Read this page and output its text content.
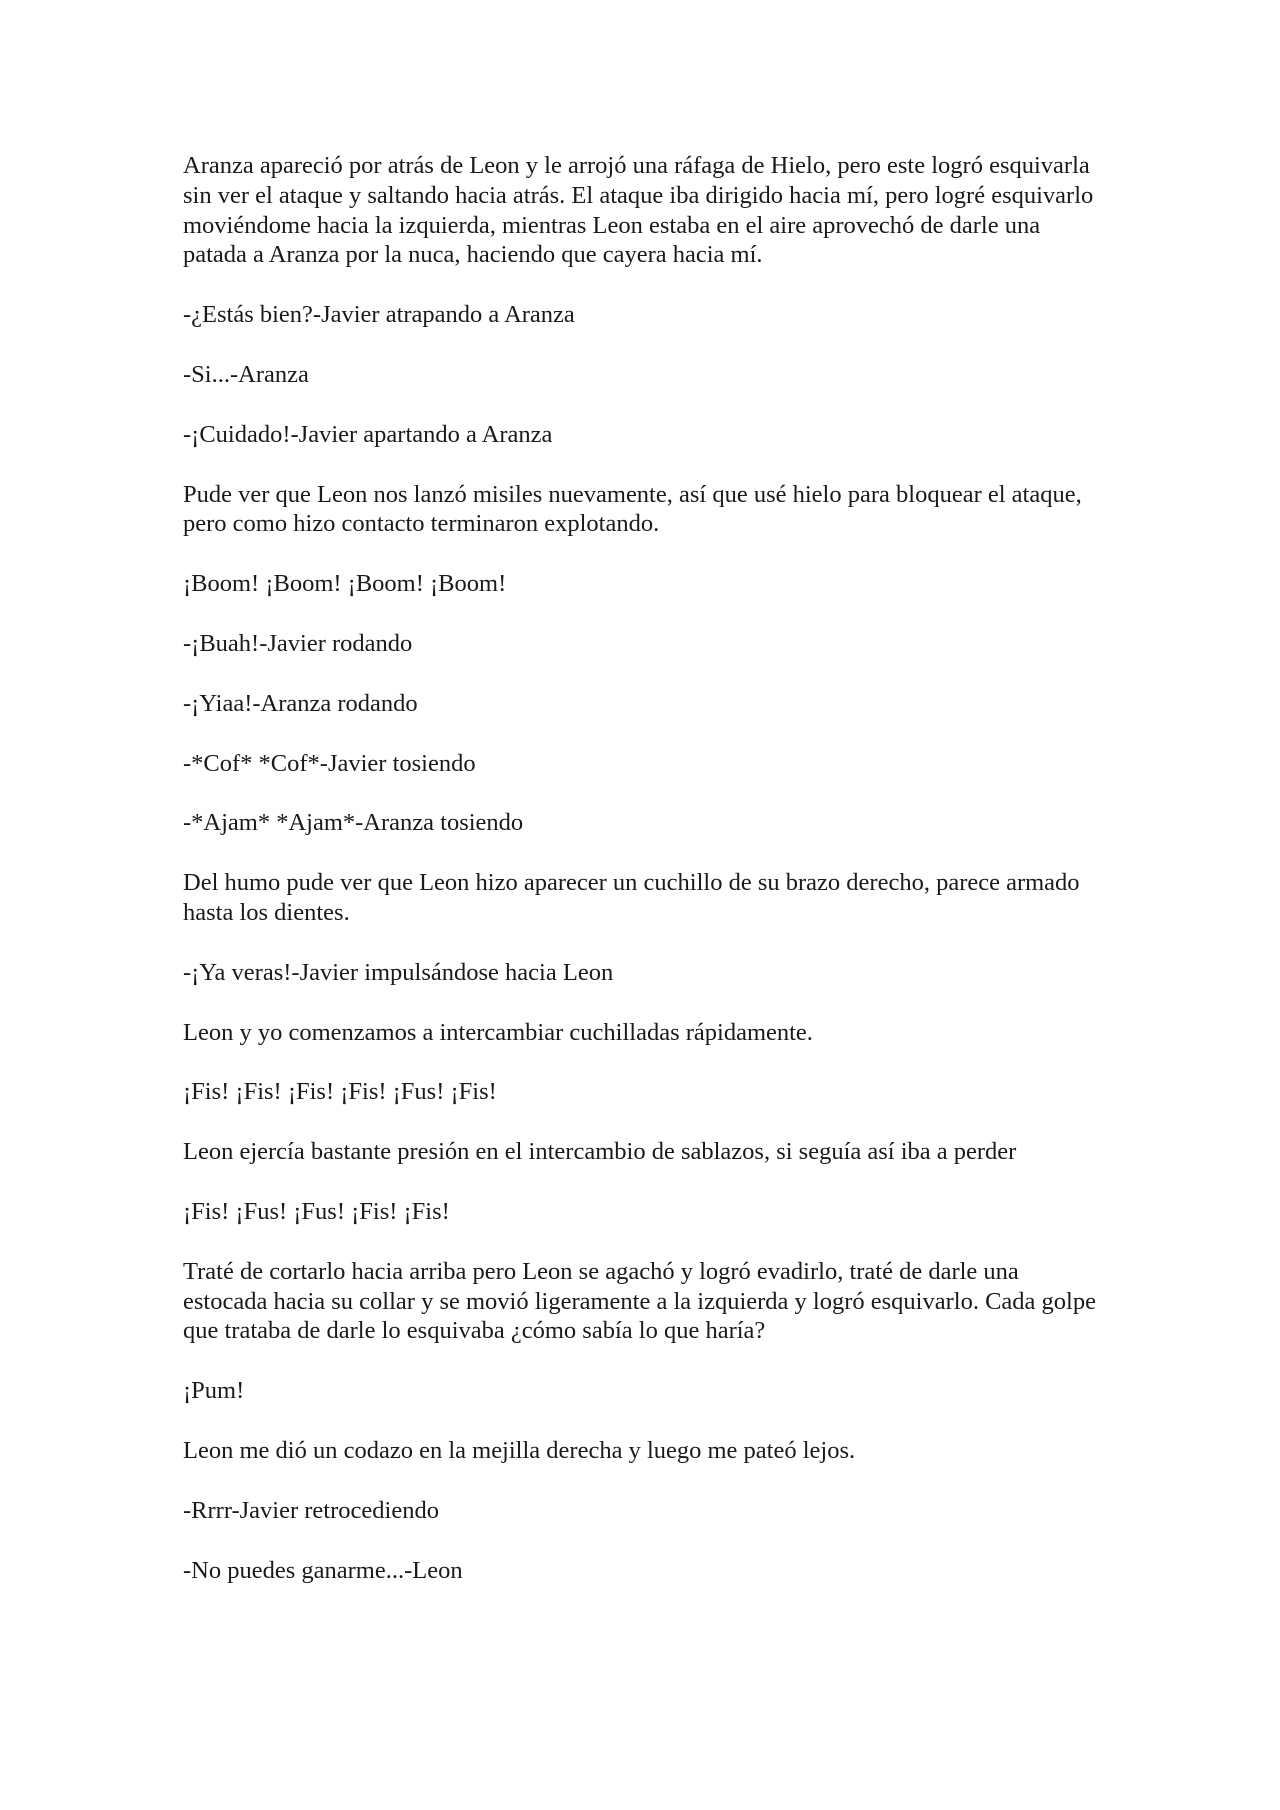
Aranza apareció por atrás de Leon y le arrojó una ráfaga de Hielo, pero este logró esquivarla sin ver el ataque y saltando hacia atrás. El ataque iba dirigido hacia mí, pero logré esquivarlo moviéndome hacia la izquierda, mientras Leon estaba en el aire aprovechó de darle una patada a Aranza por la nuca, haciendo que cayera hacia mí.

-¿Estás bien?-Javier atrapando a Aranza

-Si...-Aranza

-¡Cuidado!-Javier apartando a Aranza

Pude ver que Leon nos lanzó misiles nuevamente, así que usé hielo para bloquear el ataque, pero como hizo contacto terminaron explotando.

¡Boom! ¡Boom! ¡Boom! ¡Boom!

-¡Buah!-Javier rodando

-¡Yiaa!-Aranza rodando

-*Cof* *Cof*-Javier tosiendo

-*Ajam* *Ajam*-Aranza tosiendo

Del humo pude ver que Leon hizo aparecer un cuchillo de su brazo derecho, parece armado hasta los dientes.

-¡Ya veras!-Javier impulsándose hacia Leon

Leon y yo comenzamos a intercambiar cuchilladas rápidamente.

¡Fis! ¡Fis! ¡Fis! ¡Fis! ¡Fus! ¡Fis!

Leon ejercía bastante presión en el intercambio de sablazos, si seguía así iba a perder

¡Fis! ¡Fus! ¡Fus! ¡Fis! ¡Fis!

Traté de cortarlo hacia arriba pero Leon se agachó y logró evadirlo, traté de darle una estocada hacia su collar y se movió ligeramente a la izquierda y logró esquivarlo. Cada golpe que trataba de darle lo esquivaba ¿cómo sabía lo que haría?

¡Pum!

Leon me dió un codazo en la mejilla derecha y luego me pateó lejos.

-Rrrr-Javier retrocediendo

-No puedes ganarme...-Leon
